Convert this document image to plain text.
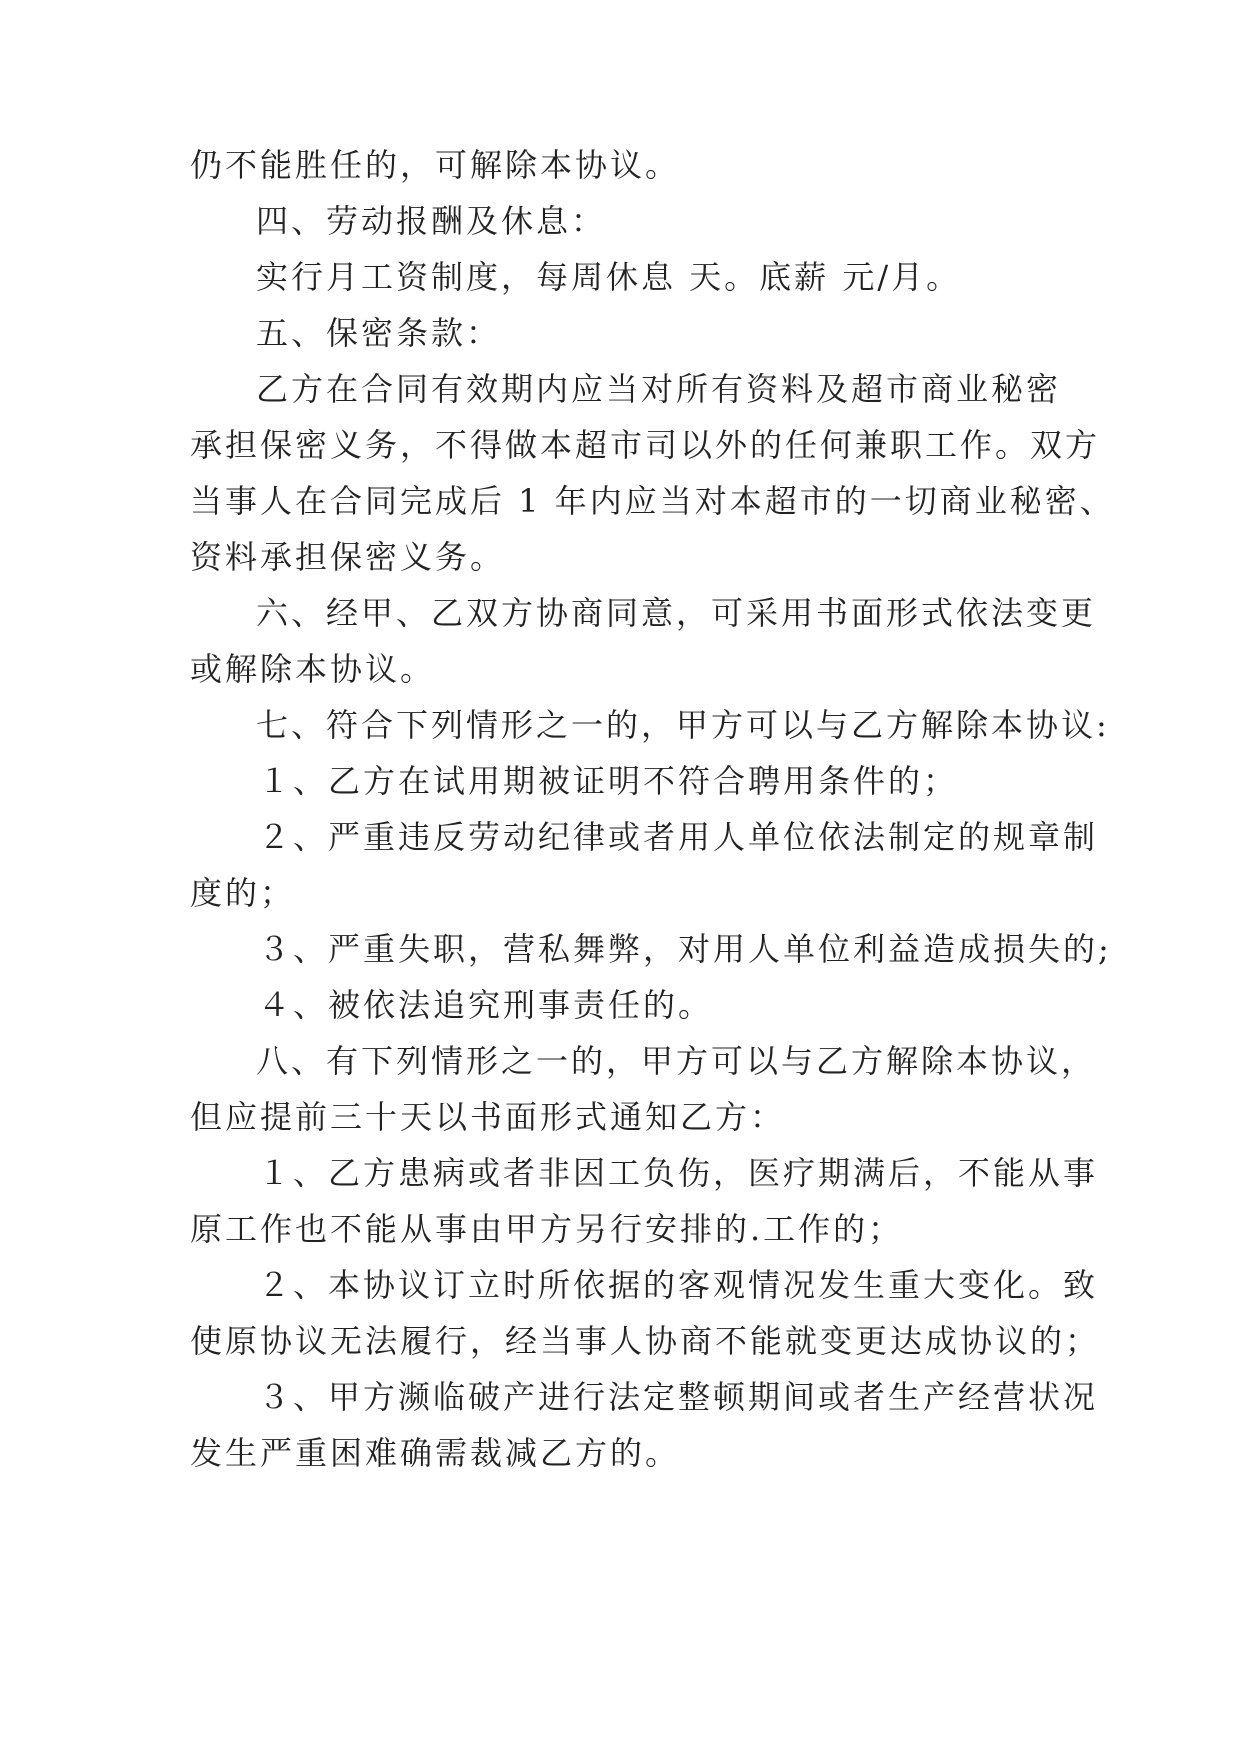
仍不能胜任的，可解除本协议。
四、劳动报酬及休息：
实行月工资制度，每周休息 天。底薪 元/月。
五、保密条款：
乙方在合同有效期内应当对所有资料及超市商业秘密
承担保密义务，不得做本超市司以外的任何兼职工作。双方
当事人在合同完成后 1 年内应当对本超市的一切商业秘密、
资料承担保密义务。
六、经甲、乙双方协商同意，可采用书面形式依法变更
或解除本协议。
七、符合下列情形之一的，甲方可以与乙方解除本协议:
１、乙方在试用期被证明不符合聘用条件的；
２、严重违反劳动纪律或者用人单位依法制定的规章制
度的；
３、严重失职，营私舞弊，对用人单位利益造成损失的;
４、被依法追究刑事责任的。
八、有下列情形之一的，甲方可以与乙方解除本协议，
但应提前三十天以书面形式通知乙方：
１、乙方患病或者非因工负伤，医疗期满后，不能从事
原工作也不能从事由甲方另行安排的.工作的；
２、本协议订立时所依据的客观情况发生重大变化。致
使原协议无法履行，经当事人协商不能就变更达成协议的；
３、甲方濒临破产进行法定整顿期间或者生产经营状况
发生严重困难确需裁减乙方的。
